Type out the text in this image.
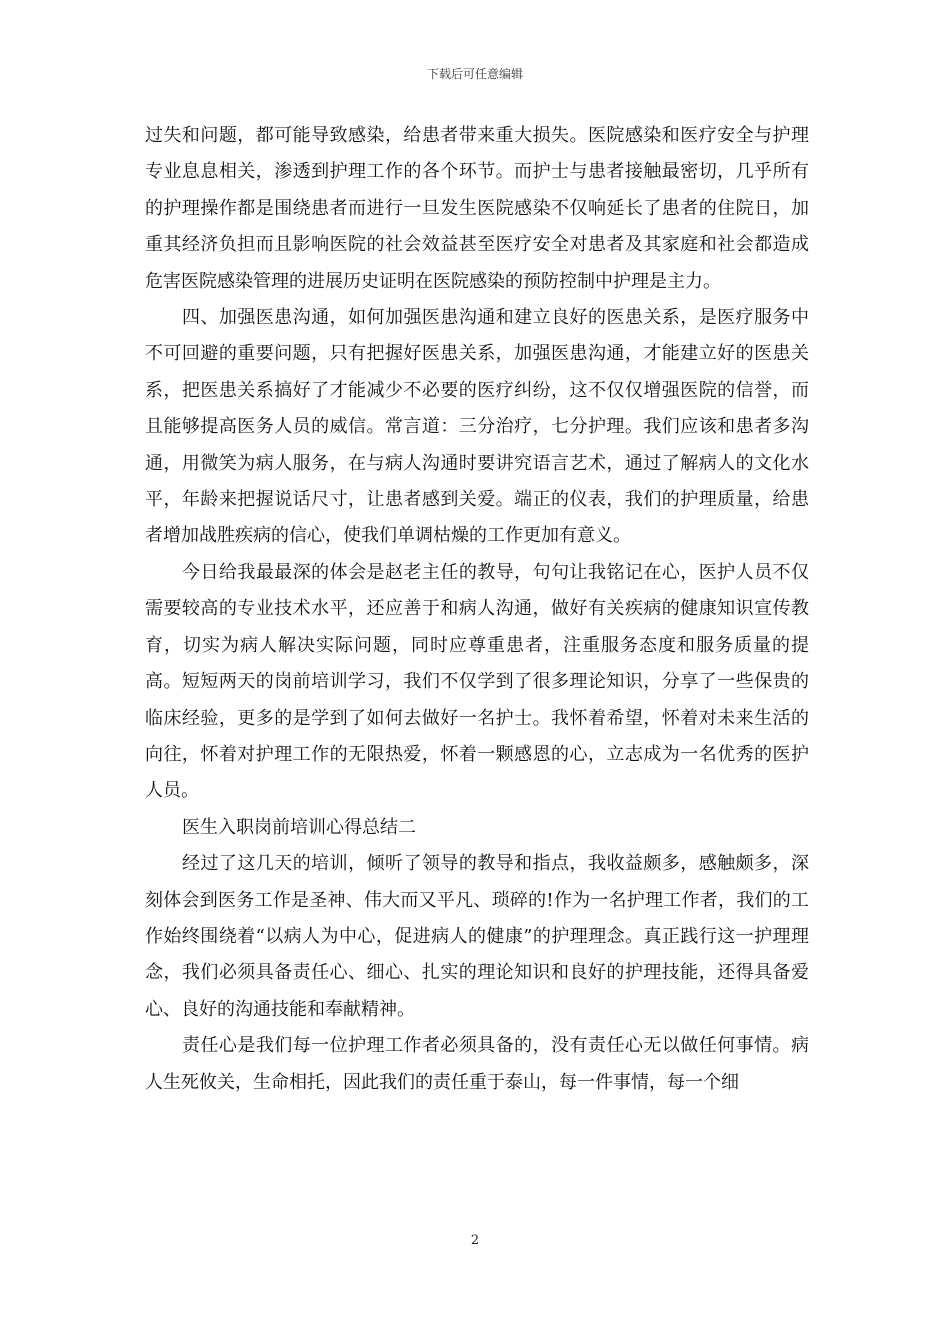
下载后可任意编辑

过失和问题，都可能导致感染，给患者带来重大损失。医院感染和医疗安全与护理专业息息相关，渗透到护理工作的各个环节。而护士与患者接触最密切，几乎所有的护理操作都是围绕患者而进行一旦发生医院感染不仅响延长了患者的住院日，加重其经济负担而且影响医院的社会效益甚至医疗安全对患者及其家庭和社会都造成危害医院感染管理的进展历史证明在医院感染的预防控制中护理是主力。

四、加强医患沟通，如何加强医患沟通和建立良好的医患关系，是医疗服务中不可回避的重要问题，只有把握好医患关系，加强医患沟通，才能建立好的医患关系，把医患关系搞好了才能减少不必要的医疗纠纷，这不仅仅增强医院的信誉，而且能够提高医务人员的威信。常言道：三分治疗，七分护理。我们应该和患者多沟通，用微笑为病人服务，在与病人沟通时要讲究语言艺术，通过了解病人的文化水平，年龄来把握说话尺寸，让患者感到关爱。端正的仪表，我们的护理质量，给患者增加战胜疾病的信心，使我们单调枯燥的工作更加有意义。

今日给我最最深的体会是赵老主任的教导，句句让我铭记在心，医护人员不仅需要较高的专业技术水平，还应善于和病人沟通，做好有关疾病的健康知识宣传教育，切实为病人解决实际问题，同时应尊重患者，注重服务态度和服务质量的提高。短短两天的岗前培训学习，我们不仅学到了很多理论知识，分享了一些保贵的临床经验，更多的是学到了如何去做好一名护士。我怀着希望，怀着对未来生活的向往，怀着对护理工作的无限热爱，怀着一颗感恩的心，立志成为一名优秀的医护人员。

医生入职岗前培训心得总结二

经过了这几天的培训，倾听了领导的教导和指点，我收益颇多，感触颇多，深刻体会到医务工作是圣神、伟大而又平凡、琐碎的!作为一名护理工作者，我们的工作始终围绕着“以病人为中心，促进病人的健康”的护理理念。真正践行这一护理理念，我们必须具备责任心、细心、扎实的理论知识和良好的护理技能，还得具备爱心、良好的沟通技能和奉献精神。

责任心是我们每一位护理工作者必须具备的，没有责任心无以做任何事情。病人生死攸关，生命相托，因此我们的责任重于泰山，每一件事情，每一个细

2
